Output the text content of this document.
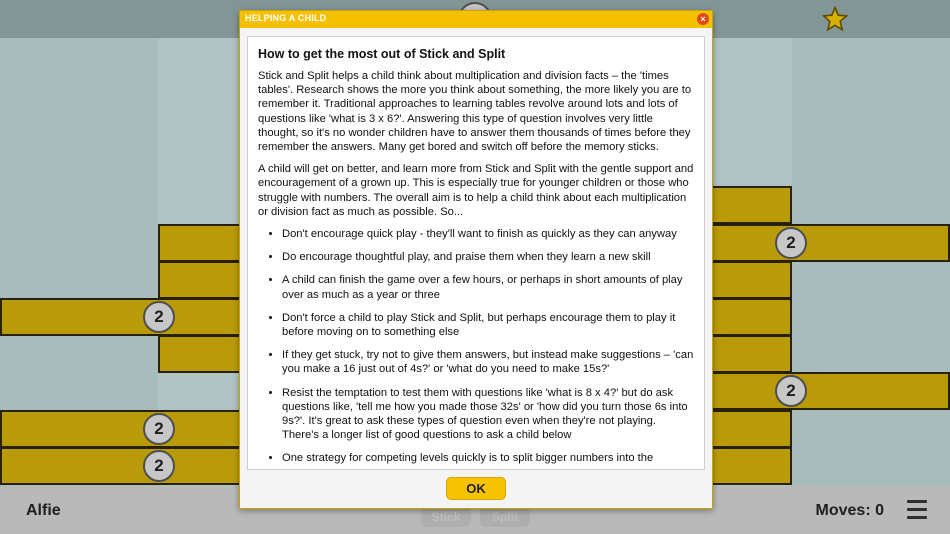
2
2
2
2
2
Alfie	Stick	Split	Moves: 0
HELPING A CHILD	×
How to get the most out of Stick and Split

Stick and Split helps a child think about multiplication and division facts – the 'times tables'. Research shows the more you think about something, the more likely you are to remember it. Traditional approaches to learning tables revolve around lots and lots of questions like 'what is 3 x 6?'. Answering this type of question involves very little thought, so it's no wonder children have to answer them thousands of times before they remember the answers. Many get bored and switch off before the memory sticks.

A child will get on better, and learn more from Stick and Split with the gentle support and encouragement of a grown up. This is especially true for younger children or those who struggle with numbers. The overall aim is to help a child think about each multiplication or division fact as much as possible. So...

• Don't encourage quick play - they'll want to finish as quickly as they can anyway
• Do encourage thoughtful play, and praise them when they learn a new skill
• A child can finish the game over a few hours, or perhaps in short amounts of play over as much as a year or three
• Don't force a child to play Stick and Split, but perhaps encourage them to play it before moving on to something else
• If they get stuck, try not to give them answers, but instead make suggestions – 'can you make a 16 just out of 4s?' or 'what do you need to make 15s?'
• Resist the temptation to test them with questions like 'what is 8 x 4?' but do ask questions like, 'tell me how you made those 32s' or 'how did you turn those 6s into 9s?'. It's great to ask these types of question even when they're not playing. There's a longer list of good questions to ask a child below
• One strategy for competing levels quickly is to split bigger numbers into the
OK
